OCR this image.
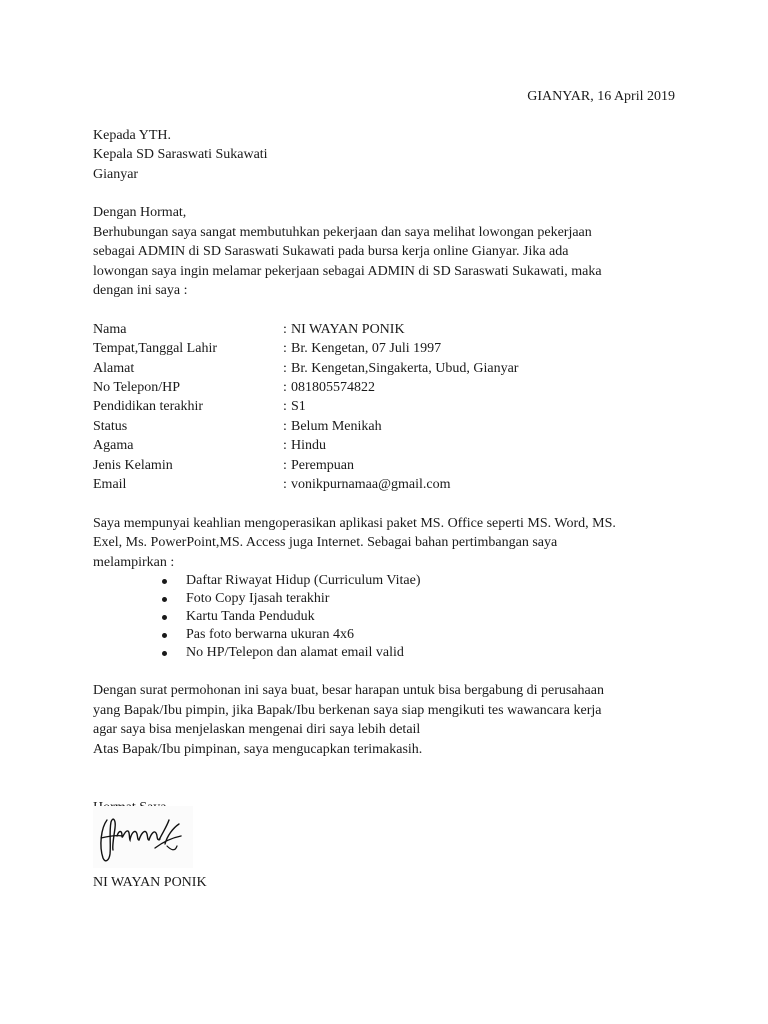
GIANYAR, 16 April 2019
Kepada YTH.
Kepala SD Saraswati Sukawati
Gianyar
Dengan Hormat,
Berhubungan saya sangat membutuhkan pekerjaan dan saya melihat lowongan pekerjaan
sebagai ADMIN di SD Saraswati Sukawati pada bursa kerja online Gianyar. Jika ada
lowongan saya ingin melamar pekerjaan sebagai ADMIN di SD Saraswati Sukawati, maka
dengan ini saya :
Nama	: NI WAYAN PONIK
Tempat,Tanggal Lahir	: Br. Kengetan, 07 Juli 1997
Alamat	: Br. Kengetan,Singakerta, Ubud, Gianyar
No Telepon/HP	: 081805574822
Pendidikan terakhir	: S1
Status	: Belum Menikah
Agama	: Hindu
Jenis Kelamin	: Perempuan
Email	: vonikpurnamaa@gmail.com
Saya mempunyai keahlian mengoperasikan aplikasi paket MS. Office seperti MS. Word, MS.
Exel, Ms. PowerPoint,MS. Access juga Internet. Sebagai bahan pertimbangan saya
melampirkan :
Daftar Riwayat Hidup (Curriculum Vitae)
Foto Copy Ijasah terakhir
Kartu Tanda Penduduk
Pas foto berwarna ukuran 4x6
No HP/Telepon dan alamat email valid
Dengan surat permohonan ini saya buat, besar harapan untuk bisa bergabung di perusahaan
yang Bapak/Ibu pimpin, jika Bapak/Ibu berkenan saya siap mengikuti tes wawancara kerja
agar saya bisa menjelaskan mengenai diri saya lebih detail
Atas Bapak/Ibu pimpinan, saya mengucapkan terimakasih.
NI WAYAN PONIK
